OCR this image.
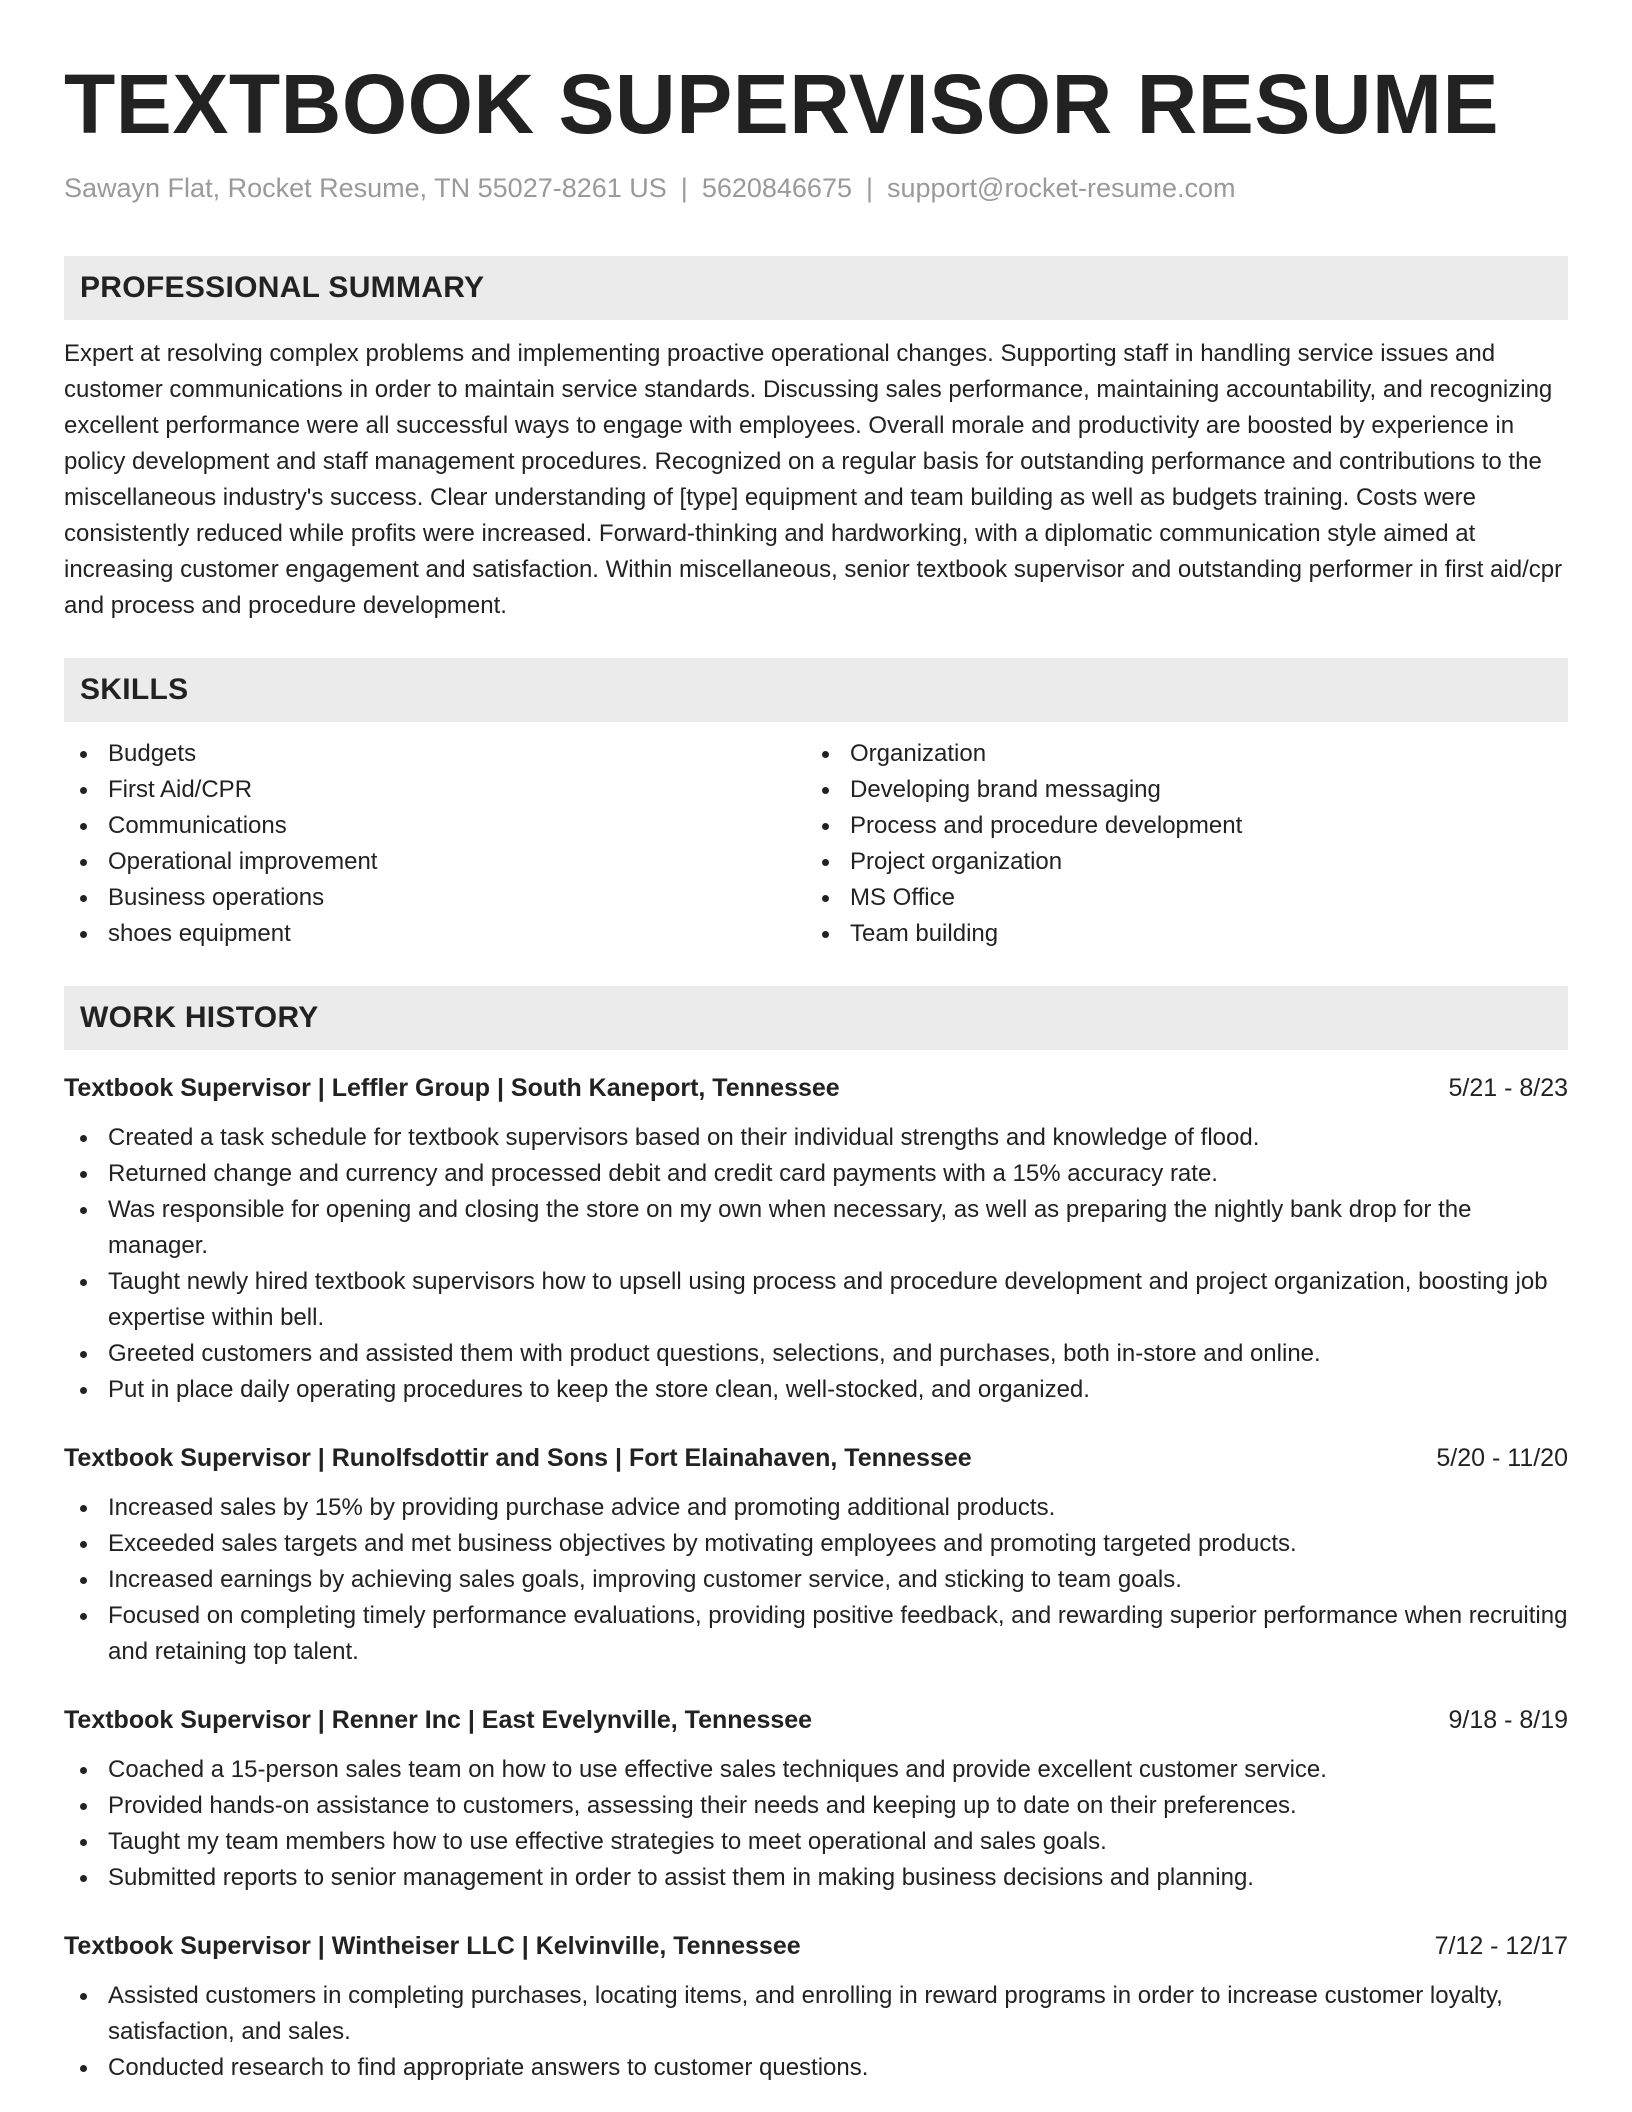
TEXTBOOK SUPERVISOR RESUME
Sawayn Flat, Rocket Resume, TN 55027-8261 US | 5620846675 | support@rocket-resume.com
PROFESSIONAL SUMMARY
Expert at resolving complex problems and implementing proactive operational changes. Supporting staff in handling service issues and customer communications in order to maintain service standards. Discussing sales performance, maintaining accountability, and recognizing excellent performance were all successful ways to engage with employees. Overall morale and productivity are boosted by experience in policy development and staff management procedures. Recognized on a regular basis for outstanding performance and contributions to the miscellaneous industry's success. Clear understanding of [type] equipment and team building as well as budgets training. Costs were consistently reduced while profits were increased. Forward-thinking and hardworking, with a diplomatic communication style aimed at increasing customer engagement and satisfaction. Within miscellaneous, senior textbook supervisor and outstanding performer in first aid/cpr and process and procedure development.
SKILLS
Budgets
First Aid/CPR
Communications
Operational improvement
Business operations
shoes equipment
Organization
Developing brand messaging
Process and procedure development
Project organization
MS Office
Team building
WORK HISTORY
Textbook Supervisor | Leffler Group | South Kaneport, Tennessee	5/21 - 8/23
Created a task schedule for textbook supervisors based on their individual strengths and knowledge of flood.
Returned change and currency and processed debit and credit card payments with a 15% accuracy rate.
Was responsible for opening and closing the store on my own when necessary, as well as preparing the nightly bank drop for the manager.
Taught newly hired textbook supervisors how to upsell using process and procedure development and project organization, boosting job expertise within bell.
Greeted customers and assisted them with product questions, selections, and purchases, both in-store and online.
Put in place daily operating procedures to keep the store clean, well-stocked, and organized.
Textbook Supervisor | Runolfsdottir and Sons | Fort Elainahaven, Tennessee	5/20 - 11/20
Increased sales by 15% by providing purchase advice and promoting additional products.
Exceeded sales targets and met business objectives by motivating employees and promoting targeted products.
Increased earnings by achieving sales goals, improving customer service, and sticking to team goals.
Focused on completing timely performance evaluations, providing positive feedback, and rewarding superior performance when recruiting and retaining top talent.
Textbook Supervisor | Renner Inc | East Evelynville, Tennessee	9/18 - 8/19
Coached a 15-person sales team on how to use effective sales techniques and provide excellent customer service.
Provided hands-on assistance to customers, assessing their needs and keeping up to date on their preferences.
Taught my team members how to use effective strategies to meet operational and sales goals.
Submitted reports to senior management in order to assist them in making business decisions and planning.
Textbook Supervisor | Wintheiser LLC | Kelvinville, Tennessee	7/12 - 12/17
Assisted customers in completing purchases, locating items, and enrolling in reward programs in order to increase customer loyalty, satisfaction, and sales.
Conducted research to find appropriate answers to customer questions.
